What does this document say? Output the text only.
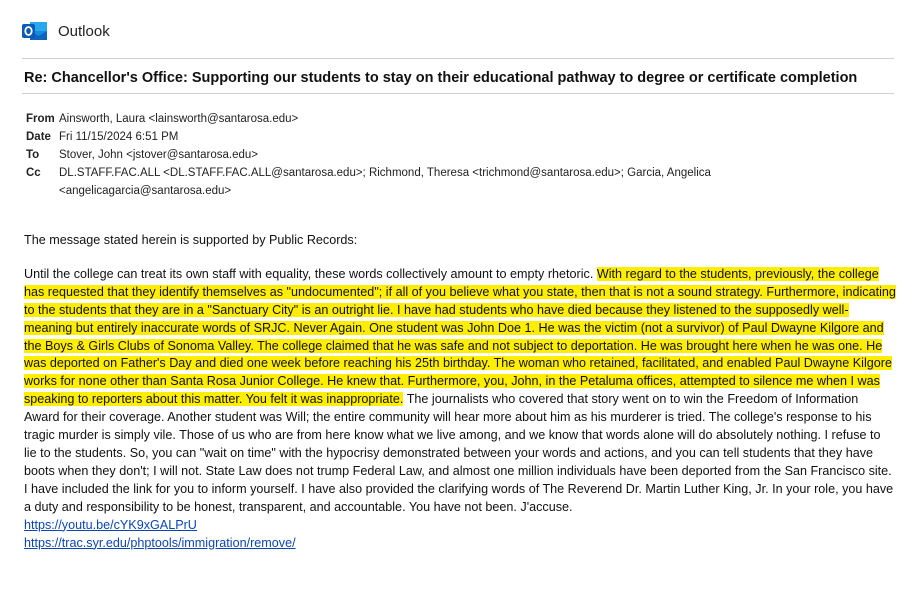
Outlook
Re: Chancellor's Office: Supporting our students to stay on their educational pathway to degree or certificate completion
From Ainsworth, Laura <lainsworth@santarosa.edu>
Date Fri 11/15/2024 6:51 PM
To	Stover, John <jstover@santarosa.edu>
Cc	DL.STAFF.FAC.ALL <DL.STAFF.FAC.ALL@santarosa.edu>; Richmond, Theresa <trichmond@santarosa.edu>; Garcia, Angelica <angelicagarcia@santarosa.edu>

The message stated herein is supported by Public Records:

Until the college can treat its own staff with equality, these words collectively amount to empty rhetoric. With regard to the students, previously, the college has requested that they identify themselves as "undocumented"; if all of you believe what you state, then that is not a sound strategy. Furthermore, indicating to the students that they are in a "Sanctuary City" is an outright lie. I have had students who have died because they listened to the supposedly well-meaning but entirely inaccurate words of SRJC. Never Again. One student was John Doe 1. He was the victim (not a survivor) of Paul Dwayne Kilgore and the Boys & Girls Clubs of Sonoma Valley. The college claimed that he was safe and not subject to deportation. He was brought here when he was one. He was deported on Father's Day and died one week before reaching his 25th birthday. The woman who retained, facilitated, and enabled Paul Dwayne Kilgore works for none other than Santa Rosa Junior College. He knew that. Furthermore, you, John, in the Petaluma offices, attempted to silence me when I was speaking to reporters about this matter. You felt it was inappropriate. The journalists who covered that story went on to win the Freedom of Information Award for their coverage. Another student was Will; the entire community will hear more about him as his murderer is tried. The college's response to his tragic murder is simply vile. Those of us who are from here know what we live among, and we know that words alone will do absolutely nothing. I refuse to lie to the students. So, you can "wait on time" with the hypocrisy demonstrated between your words and actions, and you can tell students that they have boots when they don't; I will not. State Law does not trump Federal Law, and almost one million individuals have been deported from the San Francisco site. I have included the link for you to inform yourself. I have also provided the clarifying words of The Reverend Dr. Martin Luther King, Jr. In your role, you have a duty and responsibility to be honest, transparent, and accountable. You have not been. J'accuse.

https://youtu.be/cYK9xGALPrU
https://trac.syr.edu/phptools/immigration/remove/
